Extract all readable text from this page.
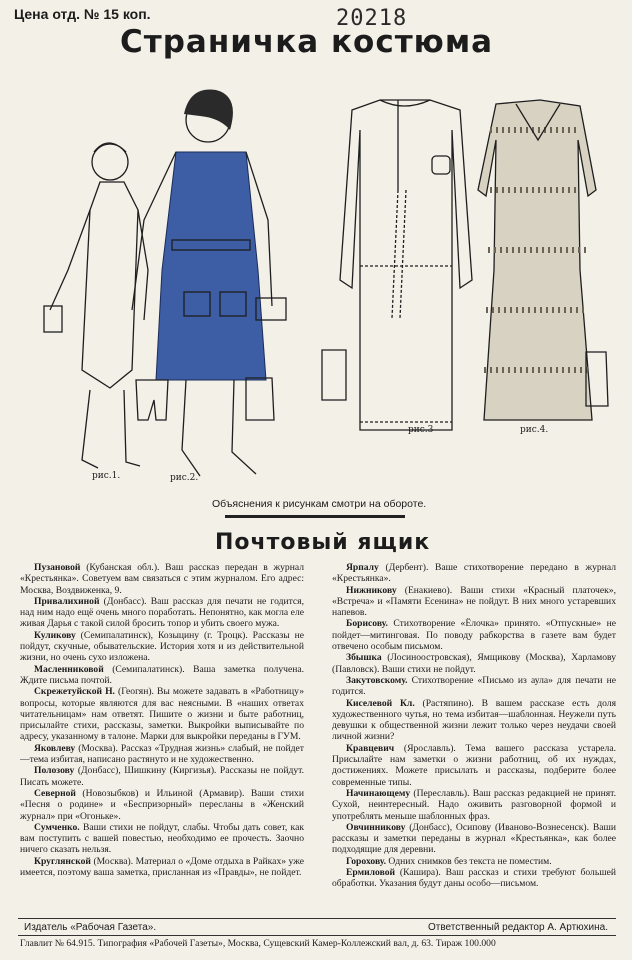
Цена отд. № 15 коп.	20218
Страничка костюма
рис.1.	рис.2.
рис.3	рис.4.
Объяснения к рисункам смотри на обороте.
Почтовый ящик

Пузановой (Кубанская обл.). Ваш рассказ передан в журнал «Крестьянка». Советуем вам связаться с этим журналом. Его адрес: Москва, Воздвиженка, 9.

Привалихиной (Донбасс). Ваш рассказ для печати не годится, над ним надо ещё очень много поработать. Непонятно, как могла еле живая Дарья с такой силой бросить топор и убить своего мужа.

Куликову (Семипалатинск), Козыцину (г. Троцк). Рассказы не пойдут, скучные, обывательские. История хотя и из действительной жизни, но очень сухо изложена.

Масленниковой (Семипалатинск). Ваша заметка получена. Ждите письма почтой.

Скрежетуйской Н. (Геогян). Вы можете задавать в «Работницу» вопросы, которые являются для вас неясными. В «наших ответах читательницам» нам ответят. Пишите о жизни и быте работниц, присылайте стихи, рассказы, заметки. Выкройки выписывайте по адресу, указанному в талоне. Марки для выкройки переданы в ГУМ.

Яковлеву (Москва). Рассказ «Трудная жизнь» слабый, не пойдет—тема избитая, написано растянуто и не художественно.

Полозову (Донбасс), Шишкину (Киргизья). Рассказы не пойдут. Писать можете.

Северной (Новозыбков) и Ильиной (Армавир). Ваши стихи «Песня о родине» и «Беспризорный» пересланы в «Женский журнал» при «Огоньке».

Сумченко. Ваши стихи не пойдут, слабы. Чтобы дать совет, как вам поступить с вашей повестью, необходимо ее прочесть. Заочно ничего сказать нельзя.

Круглянской (Москва). Материал о «Доме отдыха в Райках» уже имеется, поэтому ваша заметка, присланная из «Правды», не пойдет.

Ярпалу (Дербент). Ваше стихотворение передано в журнал «Крестьянка».

Нижникову (Енакиево). Ваши стихи «Красный платочек», «Встреча» и «Памяти Есенина» не пойдут. В них много устаревших напевов.

Борисову. Стихотворение «Ёлочка» принято. «Отпускные» не пойдет—митинговая. По поводу рабкорства в газете вам будет отвечено особым письмом.

Збышка (Лосиноостровская), Ямщикову (Москва), Харламову (Павловск). Ваши стихи не пойдут.

Закутовскому. Стихотворение «Письмо из аула» для печати не годится.

Киселевой Кл. (Растяпино). В вашем рассказе есть доля художественного чутья, но тема избитая—шаблонная. Неужели путь девушки к общественной жизни лежит только через неудачи своей личной жизни?

Кравцевич (Ярославль). Тема вашего рассказа устарела. Присылайте нам заметки о жизни работниц, об их нуждах, достижениях. Можете присылать и рассказы, подберите более современные типы.

Начинающему (Переславль). Ваш рассказ редакцией не принят. Сухой, неинтересный. Надо оживить разговорной формой и употреблять меньше шаблонных фраз.

Овчинникову (Донбасс), Осипову (Иваново-Вознесенск). Ваши рассказы и заметки переданы в журнал «Крестьянка», как более подходящие для деревни.

Горохову. Одних снимков без текста не поместим.

Ермиловой (Кашира). Ваш рассказ и стихи требуют большей обработки. Указания будут даны особо—письмом.

Издатель «Рабочая Газета».	Ответственный редактор А. Артюхина.
Главлит № 64.915. Типография «Рабочей Газеты», Москва, Сущевский Камер-Коллежский вал, д. 63. Тираж 100.000
